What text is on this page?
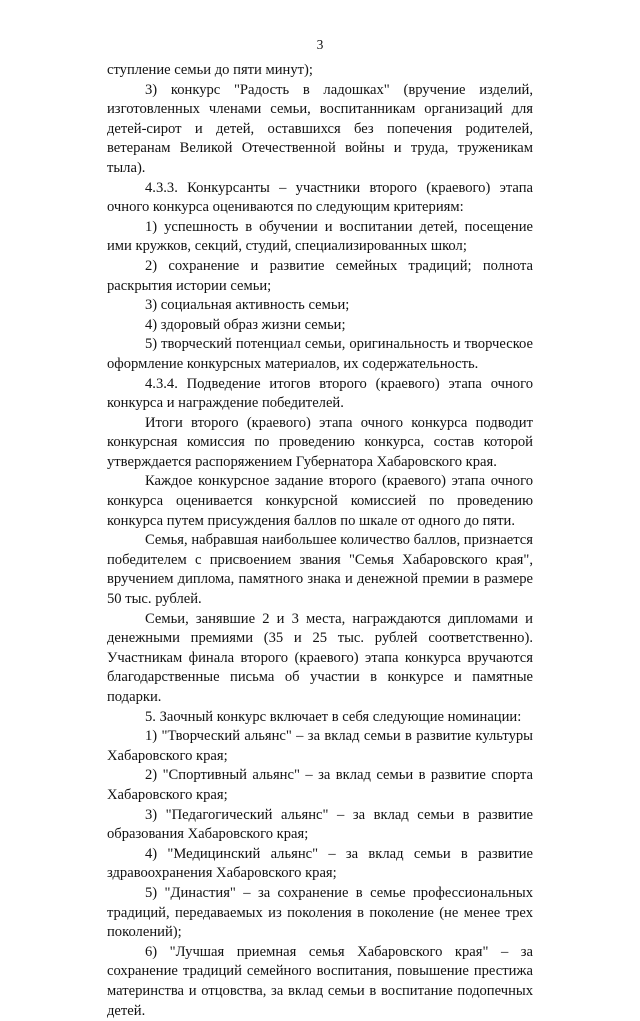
3

ступление семьи до пяти минут);

3) конкурс "Радость в ладошках" (вручение изделий, изготовленных членами семьи, воспитанникам организаций для детей-сирот и детей, оставшихся без попечения родителей, ветеранам Великой Отечественной войны и труда, труженикам тыла).

4.3.3. Конкурсанты – участники второго (краевого) этапа очного конкурса оцениваются по следующим критериям:

1) успешность в обучении и воспитании детей, посещение ими кружков, секций, студий, специализированных школ;

2) сохранение и развитие семейных традиций; полнота раскрытия истории семьи;

3) социальная активность семьи;

4) здоровый образ жизни семьи;

5) творческий потенциал семьи, оригинальность и творческое оформление конкурсных материалов, их содержательность.

4.3.4. Подведение итогов второго (краевого) этапа очного конкурса и награждение победителей.

Итоги второго (краевого) этапа очного конкурса подводит конкурсная комиссия по проведению конкурса, состав которой утверждается распоряжением Губернатора Хабаровского края.

Каждое конкурсное задание второго (краевого) этапа очного конкурса оценивается конкурсной комиссией по проведению конкурса путем присуждения баллов по шкале от одного до пяти.

Семья, набравшая наибольшее количество баллов, признается победителем с присвоением звания "Семья Хабаровского края", вручением диплома, памятного знака и денежной премии в размере 50 тыс. рублей.

Семьи, занявшие 2 и 3 места, награждаются дипломами и денежными премиями (35 и 25 тыс. рублей соответственно). Участникам финала второго (краевого) этапа конкурса вручаются благодарственные письма об участии в конкурсе и памятные подарки.

5. Заочный конкурс включает в себя следующие номинации:

1) "Творческий альянс" – за вклад семьи в развитие культуры Хабаровского края;

2) "Спортивный альянс" – за вклад семьи в развитие спорта Хабаровского края;

3) "Педагогический альянс" – за вклад семьи в развитие образования Хабаровского края;

4) "Медицинский альянс" – за вклад семьи в развитие здравоохранения Хабаровского края;

5) "Династия" – за сохранение в семье профессиональных традиций, передаваемых из поколения в поколение (не менее трех поколений);

6) "Лучшая приемная семья Хабаровского края" – за сохранение традиций семейного воспитания, повышение престижа материнства и отцовства, за вклад семьи в воспитание подопечных детей.
